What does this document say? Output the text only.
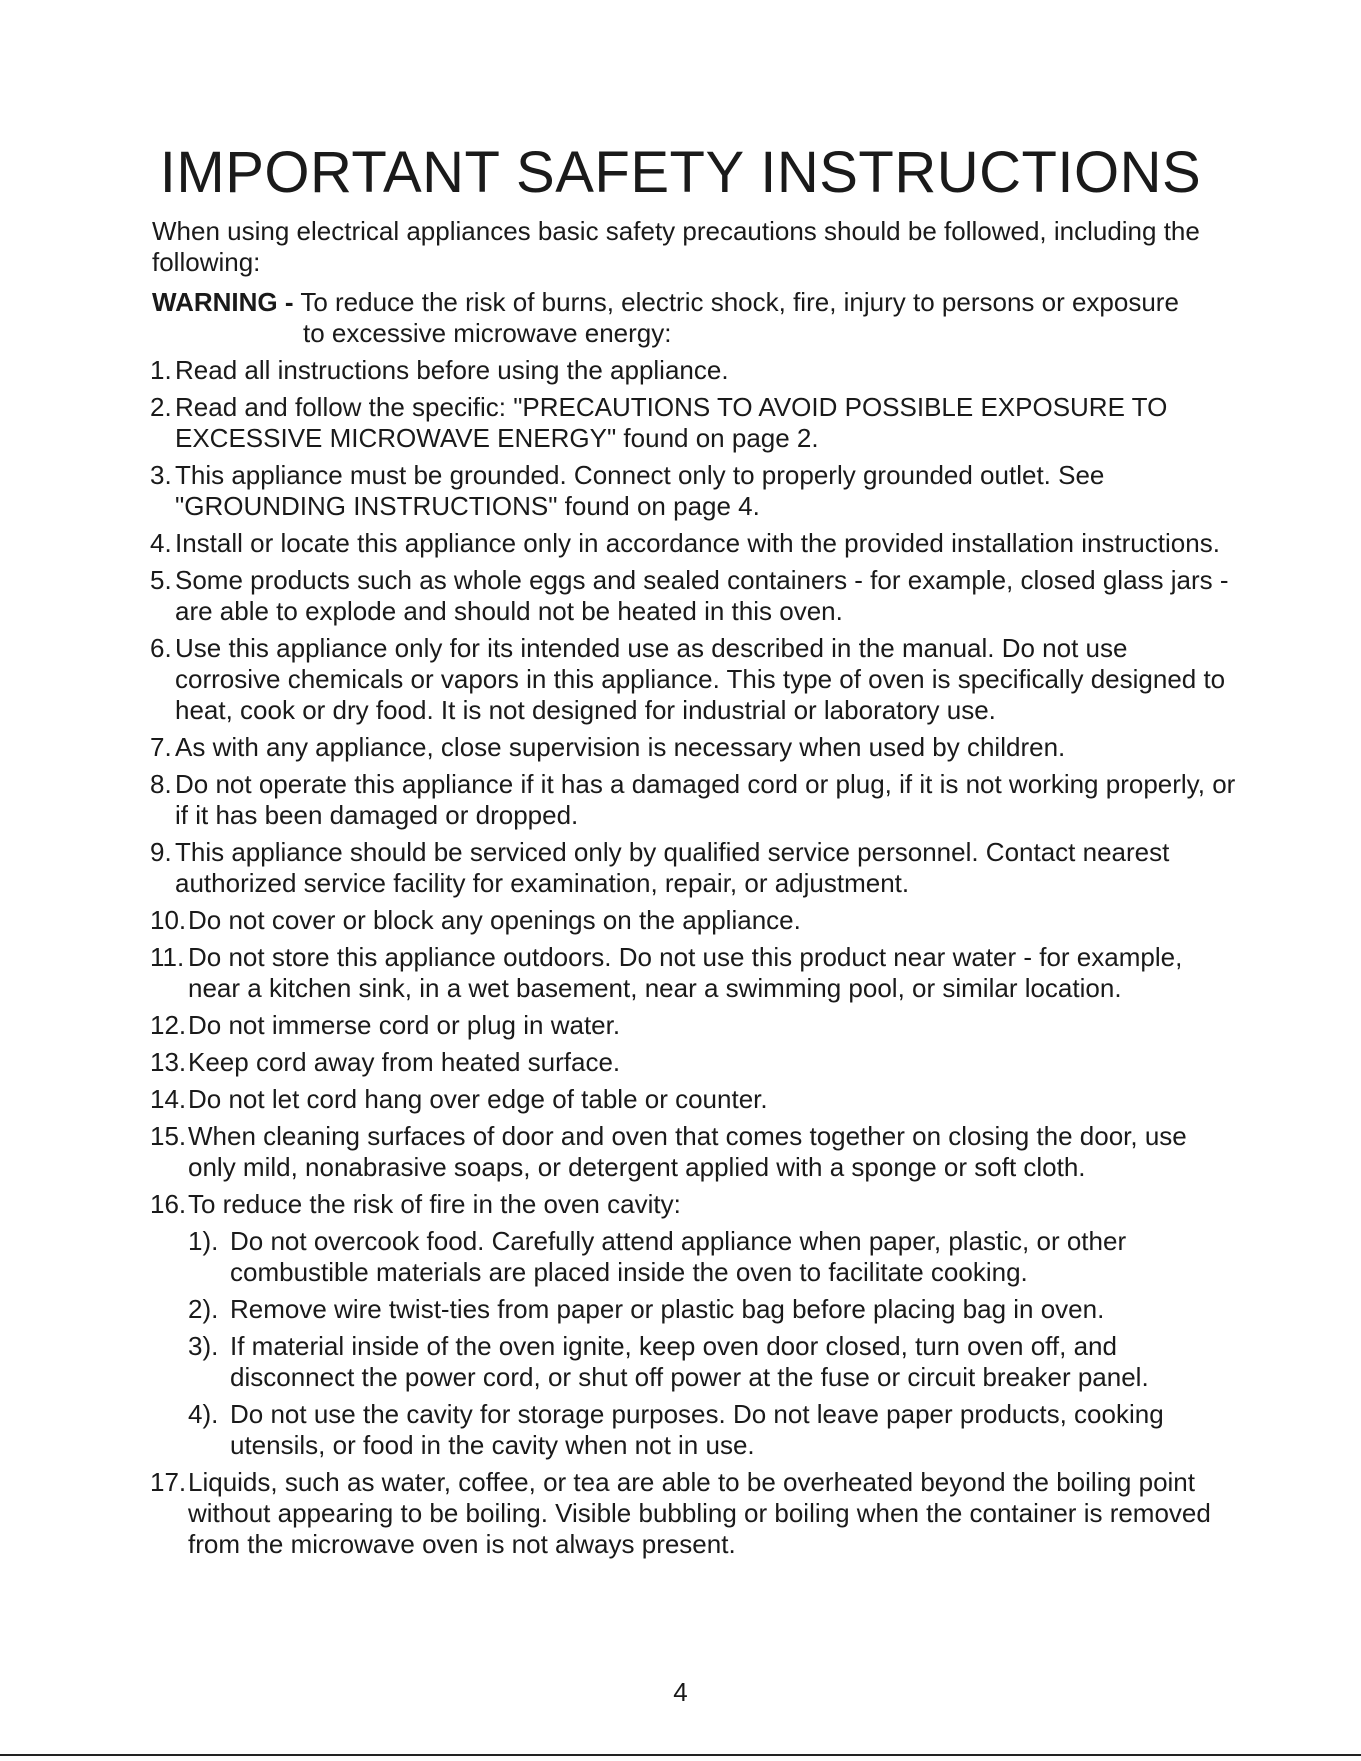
IMPORTANT SAFETY INSTRUCTIONS
When using electrical appliances basic safety precautions should be followed, including the following:
WARNING - To reduce the risk of burns, electric shock, fire, injury to persons or exposure
to excessive microwave energy:
1. Read all instructions before using the appliance.
2. Read and follow the specific: "PRECAUTIONS TO AVOID POSSIBLE EXPOSURE TO EXCESSIVE MICROWAVE ENERGY" found on page 2.
3. This appliance must be grounded. Connect only to properly grounded outlet. See "GROUNDING INSTRUCTIONS" found on page 4.
4. Install or locate this appliance only in accordance with the provided installation instructions.
5. Some products such as whole eggs and sealed containers - for example, closed glass jars - are able to explode and should not be heated in this oven.
6. Use this appliance only for its intended use as described in the manual. Do not use corrosive chemicals or vapors in this appliance. This type of oven is specifically designed to heat, cook or dry food. It is not designed for industrial or laboratory use.
7. As with any appliance, close supervision is necessary when used by children.
8. Do not operate this appliance if it has a damaged cord or plug, if it is not working properly, or if it has been damaged or dropped.
9. This appliance should be serviced only by qualified service personnel. Contact nearest authorized service facility for examination, repair, or adjustment.
10. Do not cover or block any openings on the appliance.
11. Do not store this appliance outdoors. Do not use this product near water - for example, near a kitchen sink, in a wet basement, near a swimming pool, or similar location.
12. Do not immerse cord or plug in water.
13. Keep cord away from heated surface.
14. Do not let cord hang over edge of table or counter.
15. When cleaning surfaces of door and oven that comes together on closing the door, use only mild, nonabrasive soaps, or detergent applied with a sponge or soft cloth.
16. To reduce the risk of fire in the oven cavity:
1). Do not overcook food. Carefully attend appliance when paper, plastic, or other combustible materials are placed inside the oven to facilitate cooking.
2). Remove wire twist-ties from paper or plastic bag before placing bag in oven.
3). If material inside of the oven ignite, keep oven door closed, turn oven off, and disconnect the power cord, or shut off power at the fuse or circuit breaker panel.
4). Do not use the cavity for storage purposes. Do not leave paper products, cooking utensils, or food in the cavity when not in use.
17. Liquids, such as water, coffee, or tea are able to be overheated beyond the boiling point without appearing to be boiling. Visible bubbling or boiling when the container is removed from the microwave oven is not always present.
4
